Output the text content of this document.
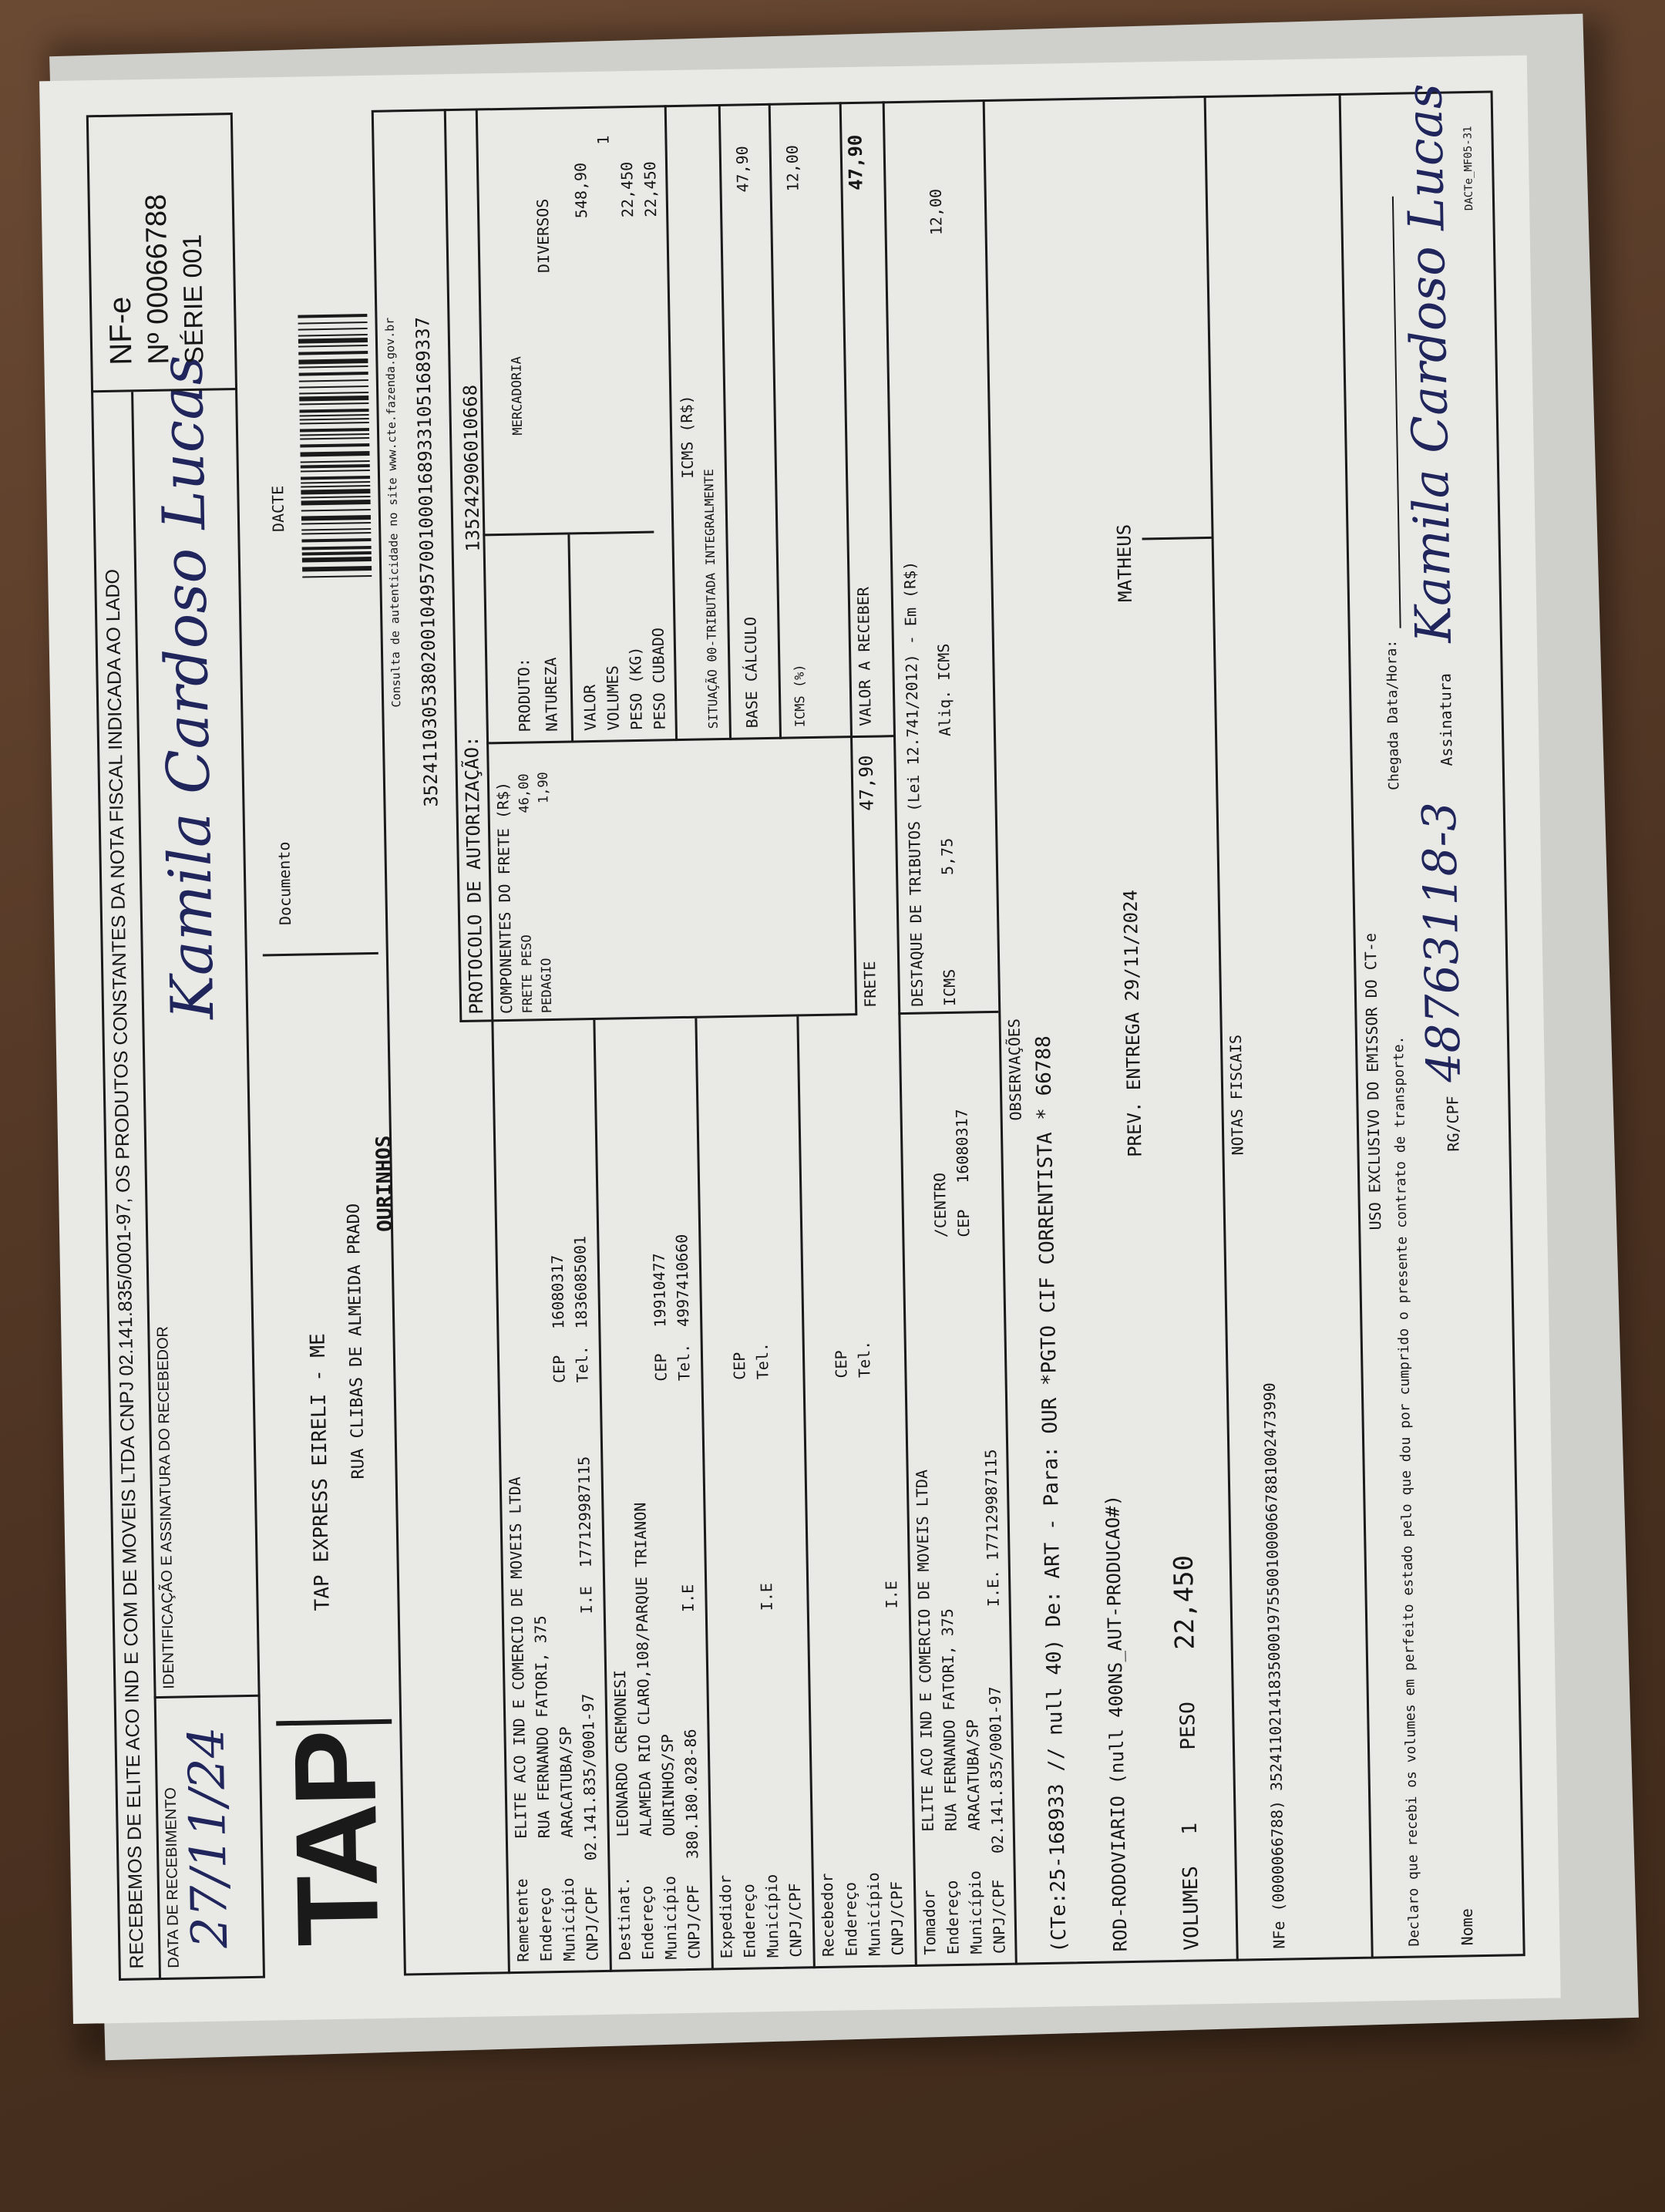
RECEBEMOS DE ELITE ACO IND E COM DE MOVEIS LTDA CNPJ 02.141.835/0001-97, OS PRODUTOS CONSTANTES DA NOTA FISCAL INDICADA AO LADO DATA DE RECEBIMENTO
27/11/24
IDENTIFICAÇÃO E ASSINATURA DO RECEBEDOR
Kamila Cardoso Lucas
NF-e Nº 00066788 SÉRIE 001
TAP
TAP EXPRESS EIRELI - ME RUA CLIBAS DE ALMEIDA PRADO
OURINHOS
Documento
DACTE	Consulta de autenticidade no site www.cte.fazenda.gov.br 35241103053802001049570010001689331051689337
PROTOCOLO DE AUTORIZAÇÃO:
135242906010668
Remetente
ELITE ACO IND E COMERCIO DE MOVEIS LTDA
Endereço
RUA FERNANDO FATORI, 375
Município
ARACATUBA/SP
CEP
16080317
CNPJ/CPF
02.141.835/0001-97
I.E
177129987115
Tel.
1836085001
Destinat.
LEONARDO CREMONESI
Endereço
ALAMEDA RIO CLARO,108/PARQUE TRIANON
Município
OURINHOS/SP
CEP
19910477
CNPJ/CPF
380.180.028-86
I.E
Tel.
4997410660
Expedidor Endereço
CEP
Município
I.E
Tel.
CNPJ/CPF Recebedor Endereço Município
CEP Tel.
CNPJ/CPF
I.E
Tomador
ELITE ACO IND E COMERCIO DE MOVEIS LTDA
Endereço
RUA FERNANDO FATORI, 375
/CENTRO
Município
ARACATUBA/SP
CEP
16080317
CNPJ/CPF
02.141.835/0001-97
I.E.
177129987115
COMPONENTES DO FRETE (R$) FRETE PESO
46,00
PEDAGIO
1,90
FRETE
47,90
PRODUTO:
MERCADORIA
DIVERSOS
NATUREZA VALOR
548,90
VOLUMES
1
PESO (KG)
22,450
PESO CUBADO
22,450
ICMS (R$)
SITUAÇÃO 00-TRIBUTADA INTEGRALMENTE BASE CÁLCULO
47,90
ICMS (%)
12,00
VALOR A RECEBER
47,90
DESTAQUE DE TRIBUTOS (Lei 12.741/2012) - Em (R$) ICMS
5,75
Aliq. ICMS
12,00
OBSERVAÇÕES (CTe:25-168933 // null 40) De: ART - Para: OUR *PGTO CIF CORRENTISTA * 66788 ROD-RODOVIARIO (null 400NS_AUT-PRODUCAO#)
PREV. ENTREGA 29/11/2024
MATHEUS
VOLUMES
1
PESO
22,450
NOTAS FISCAIS
NFe (0000066788) 35241102141835000197550010000667881002473990
USO EXCLUSIVO DO EMISSOR DO CT-e Declaro que recebi os volumes em perfeito estado pelo que dou por cumprido o presente contrato de transporte.
Chegada Data/Hora:
Nome
RG/CPF
48763118-3
Assinatura
Kamila Cardoso Lucas
DACTe_MF05-31
